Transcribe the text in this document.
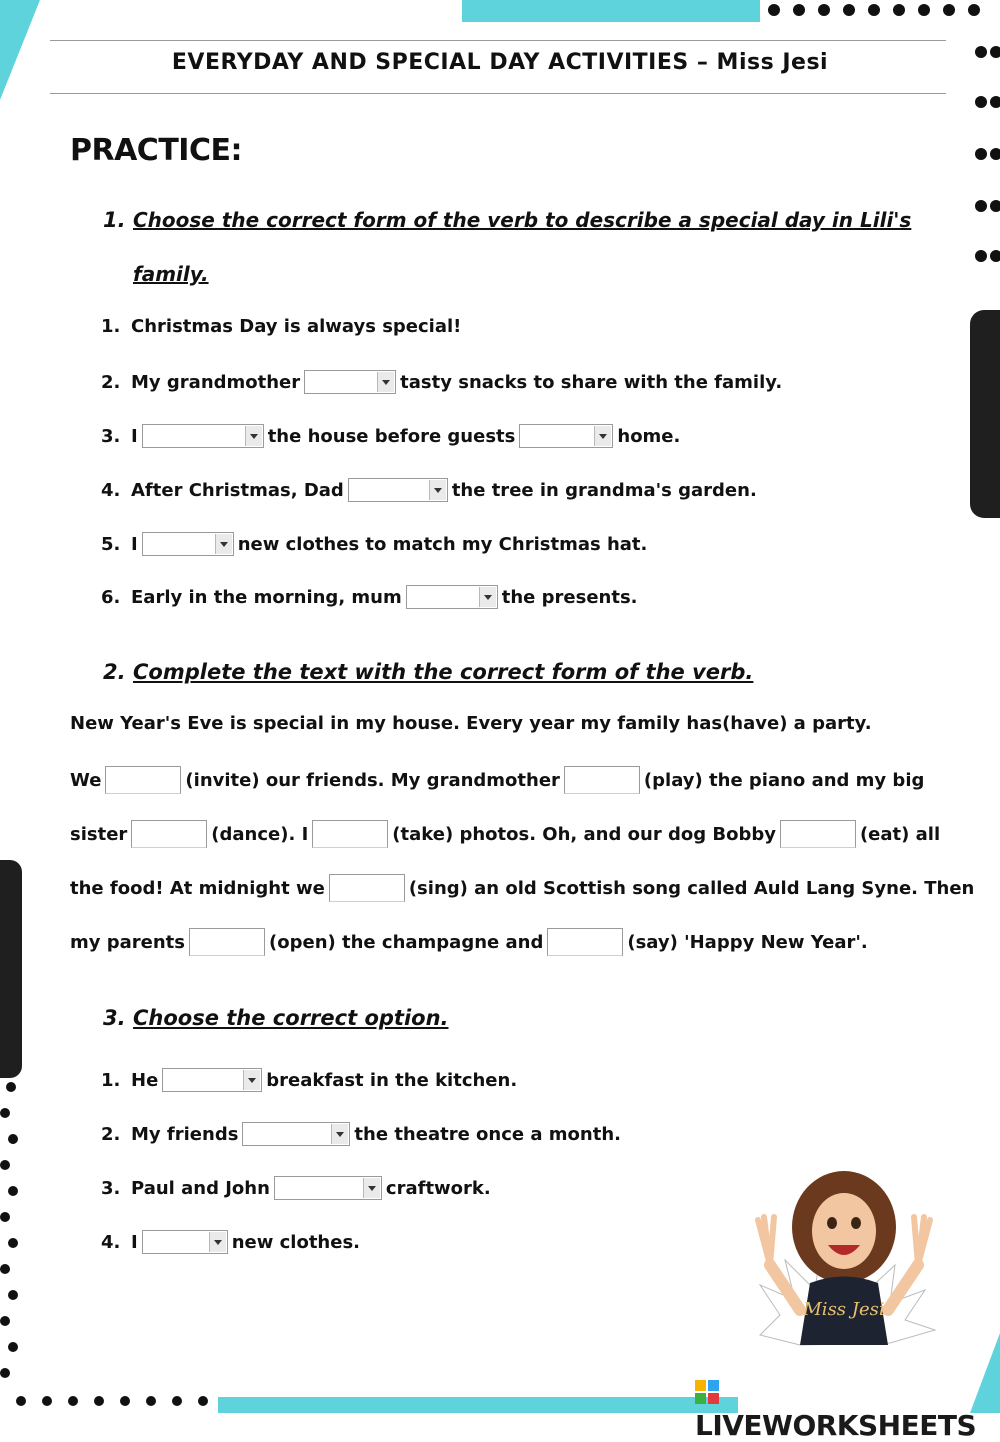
EVERYDAY AND SPECIAL DAY ACTIVITIES – Miss Jesi
PRACTICE:
1. Choose the correct form of the verb to describe a special day in Lili's
family.
1. Christmas Day is always special!
2. My grandmother	tasty snacks to share with the family.
3. I	the house before guests	home.
4. After Christmas, Dad	the tree in grandma's garden.
5. I	new clothes to match my Christmas hat.
6. Early in the morning, mum	the presents.
2. Complete the text with the correct form of the verb.
New Year's Eve is special in my house. Every year my family has(have) a party.
We	(invite) our friends. My grandmother	(play) the piano and my big
sister	(dance). I	(take) photos. Oh, and our dog Bobby	(eat) all
the food! At midnight we	(sing) an old Scottish song called Auld Lang Syne. Then
my parents	(open) the champagne and	(say) 'Happy New Year'.
3. Choose the correct option.
1. He	breakfast in the kitchen.
2. My friends	the theatre once a month.
3. Paul and John	craftwork.
4. I	new clothes.
Miss Jesi
LIVEWORKSHEETS
